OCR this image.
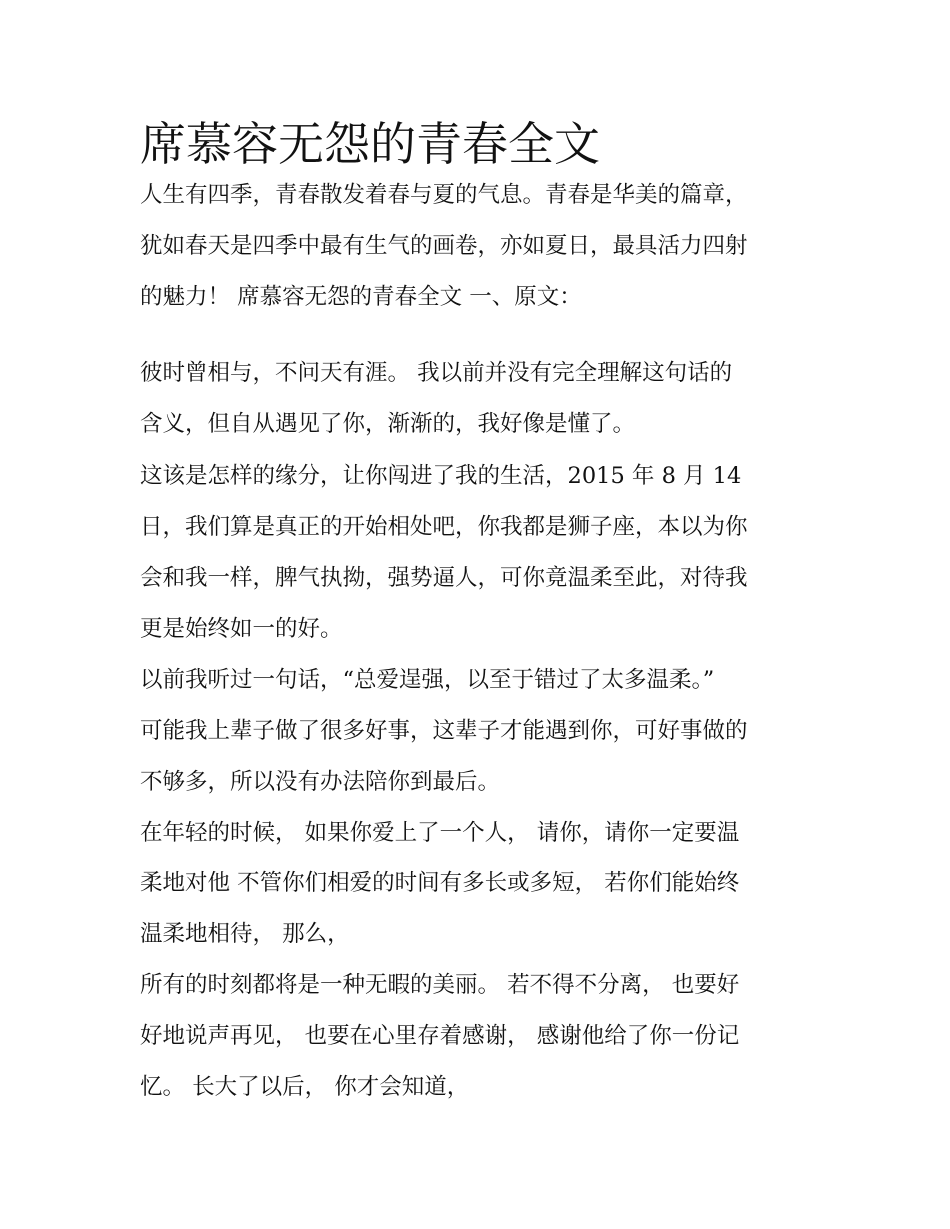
席慕容无怨的青春全文

人生有四季，青春散发着春与夏的气息。青春是华美的篇章，

犹如春天是四季中最有生气的画卷，亦如夏日，最具活力四射

的魅力！ 席慕容无怨的青春全文 一、原文：

彼时曾相与，不问天有涯。 我以前并没有完全理解这句话的

含义，但自从遇见了你，渐渐的，我好像是懂了。

这该是怎样的缘分，让你闯进了我的生活，2015 年 8 月 14

日，我们算是真正的开始相处吧，你我都是狮子座，本以为你

会和我一样，脾气执拗，强势逼人，可你竟温柔至此，对待我

更是始终如一的好。

以前我听过一句话，“总爱逞强，以至于错过了太多温柔。”

可能我上辈子做了很多好事，这辈子才能遇到你，可好事做的

不够多，所以没有办法陪你到最后。

在年轻的时候， 如果你爱上了一个人， 请你，请你一定要温

柔地对他 不管你们相爱的时间有多长或多短， 若你们能始终

温柔地相待， 那么，

所有的时刻都将是一种无暇的美丽。 若不得不分离， 也要好

好地说声再见， 也要在心里存着感谢， 感谢他给了你一份记

忆。 长大了以后， 你才会知道，
